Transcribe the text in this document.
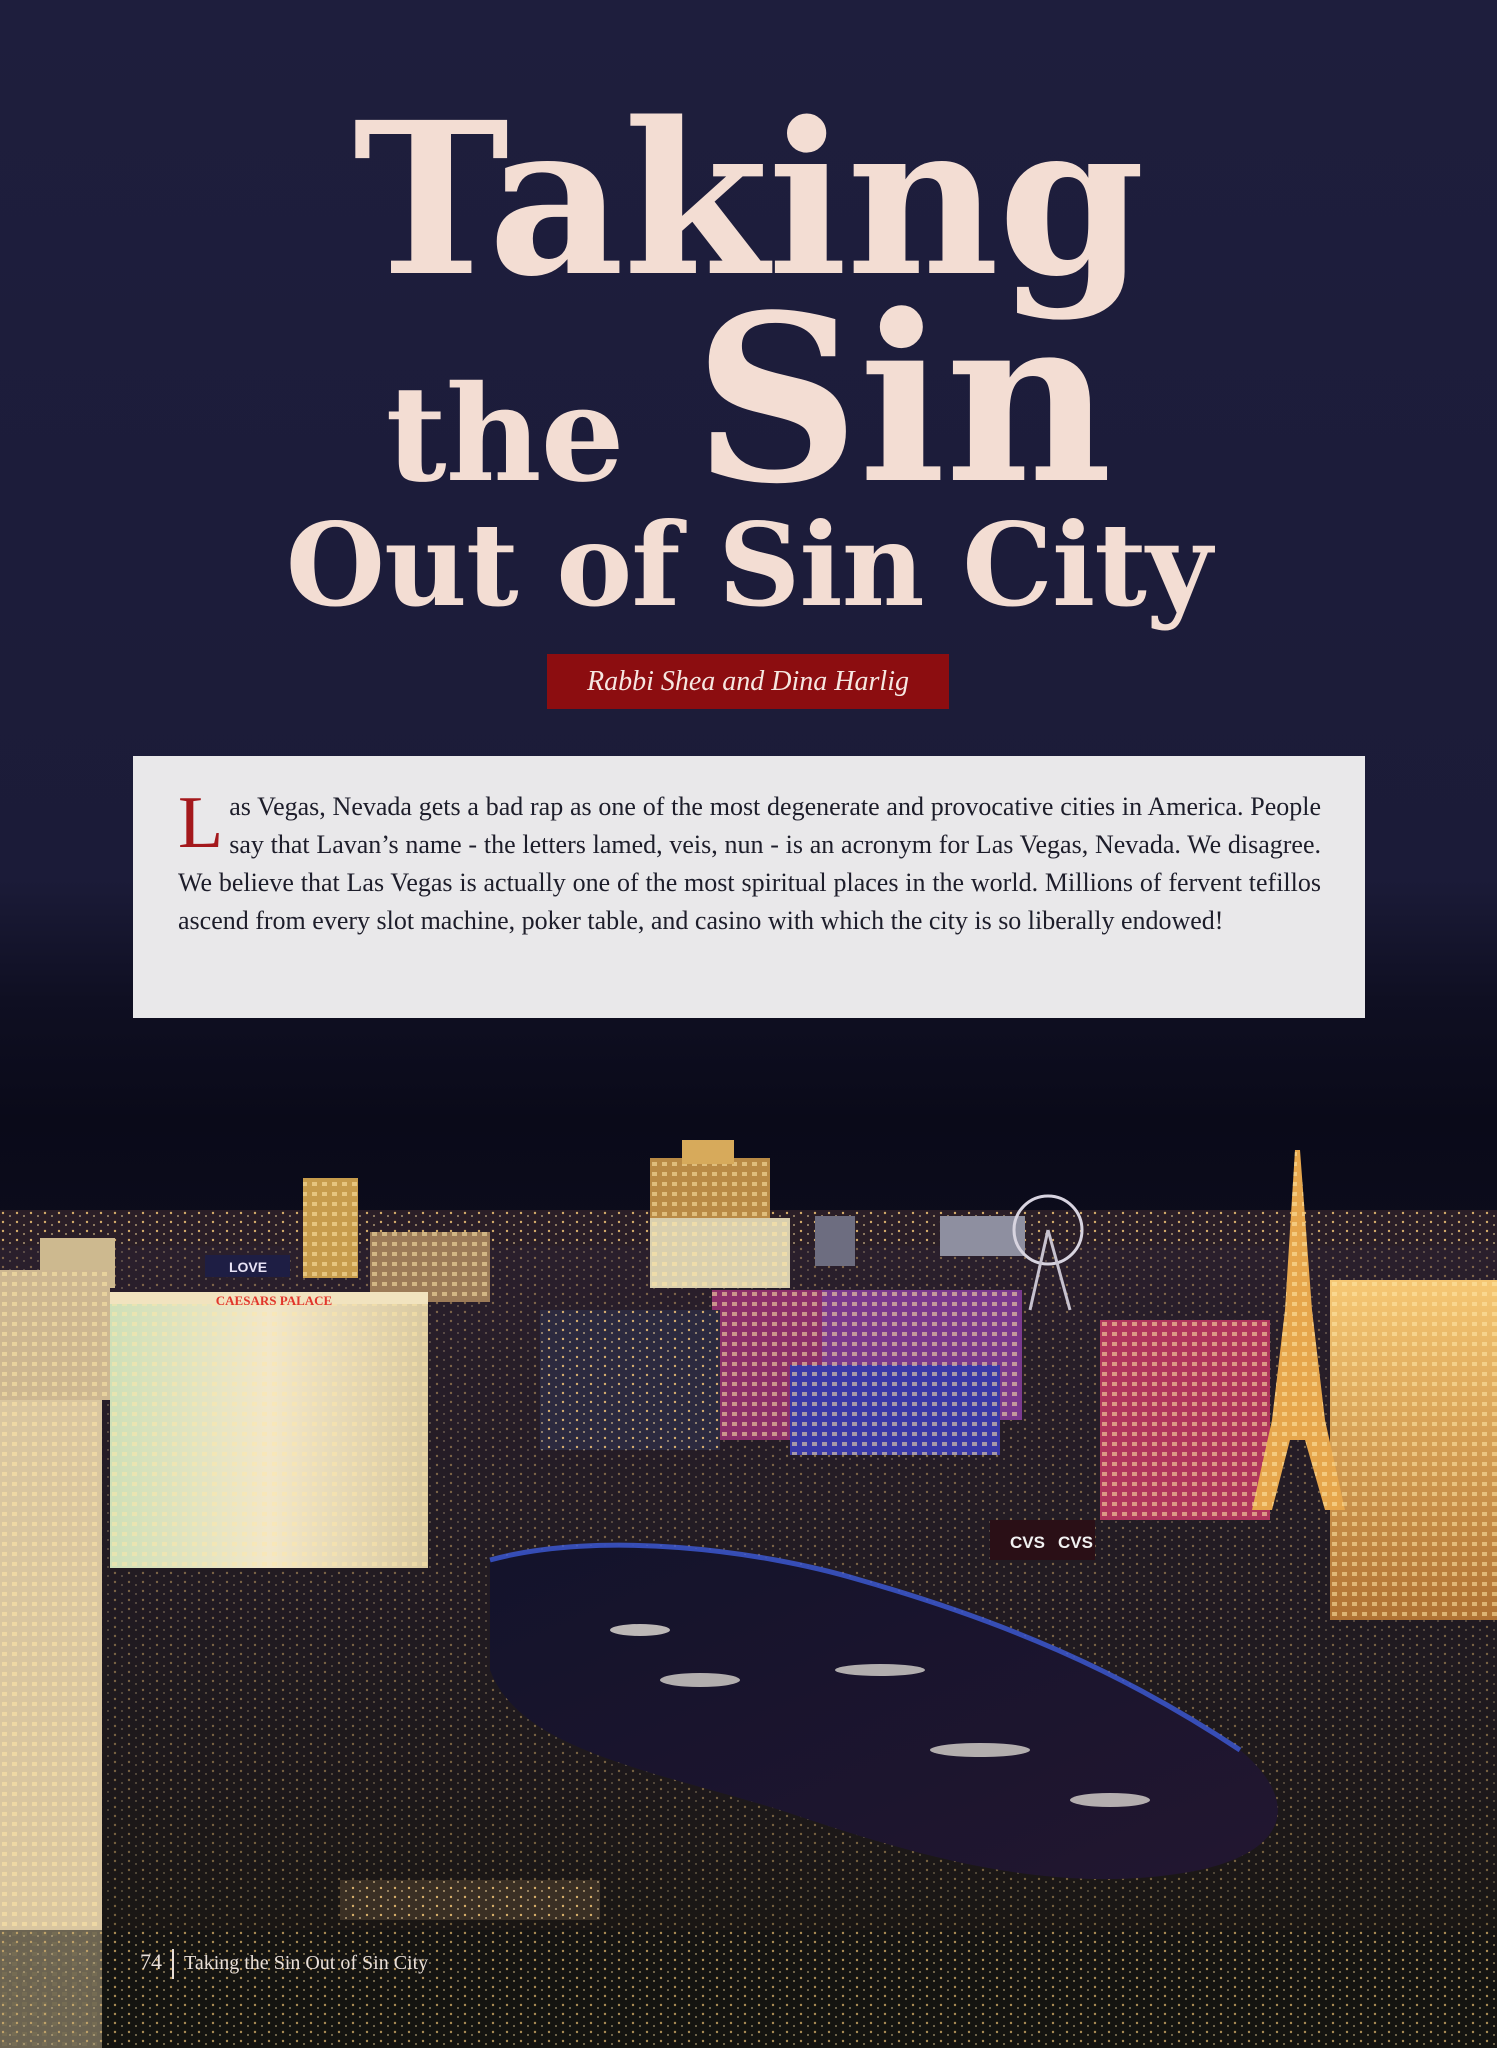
CAESARS PALACE
LOVE
CVS CVS
Taking
the Sin
Out of Sin City
Rabbi Shea and Dina Harlig

Las Vegas, Nevada gets a bad rap as one of the most degenerate and provocative cities in America. People say that Lavan’s name - the letters lamed, veis, nun - is an acronym for Las Vegas, Nevada. We disagree. We believe that Las Vegas is actually one of the most spiritual places in the world. Millions of fervent tefillos ascend from every slot machine, poker table, and casino with which the city is so liberally endowed!

74 Taking the Sin Out of Sin City
